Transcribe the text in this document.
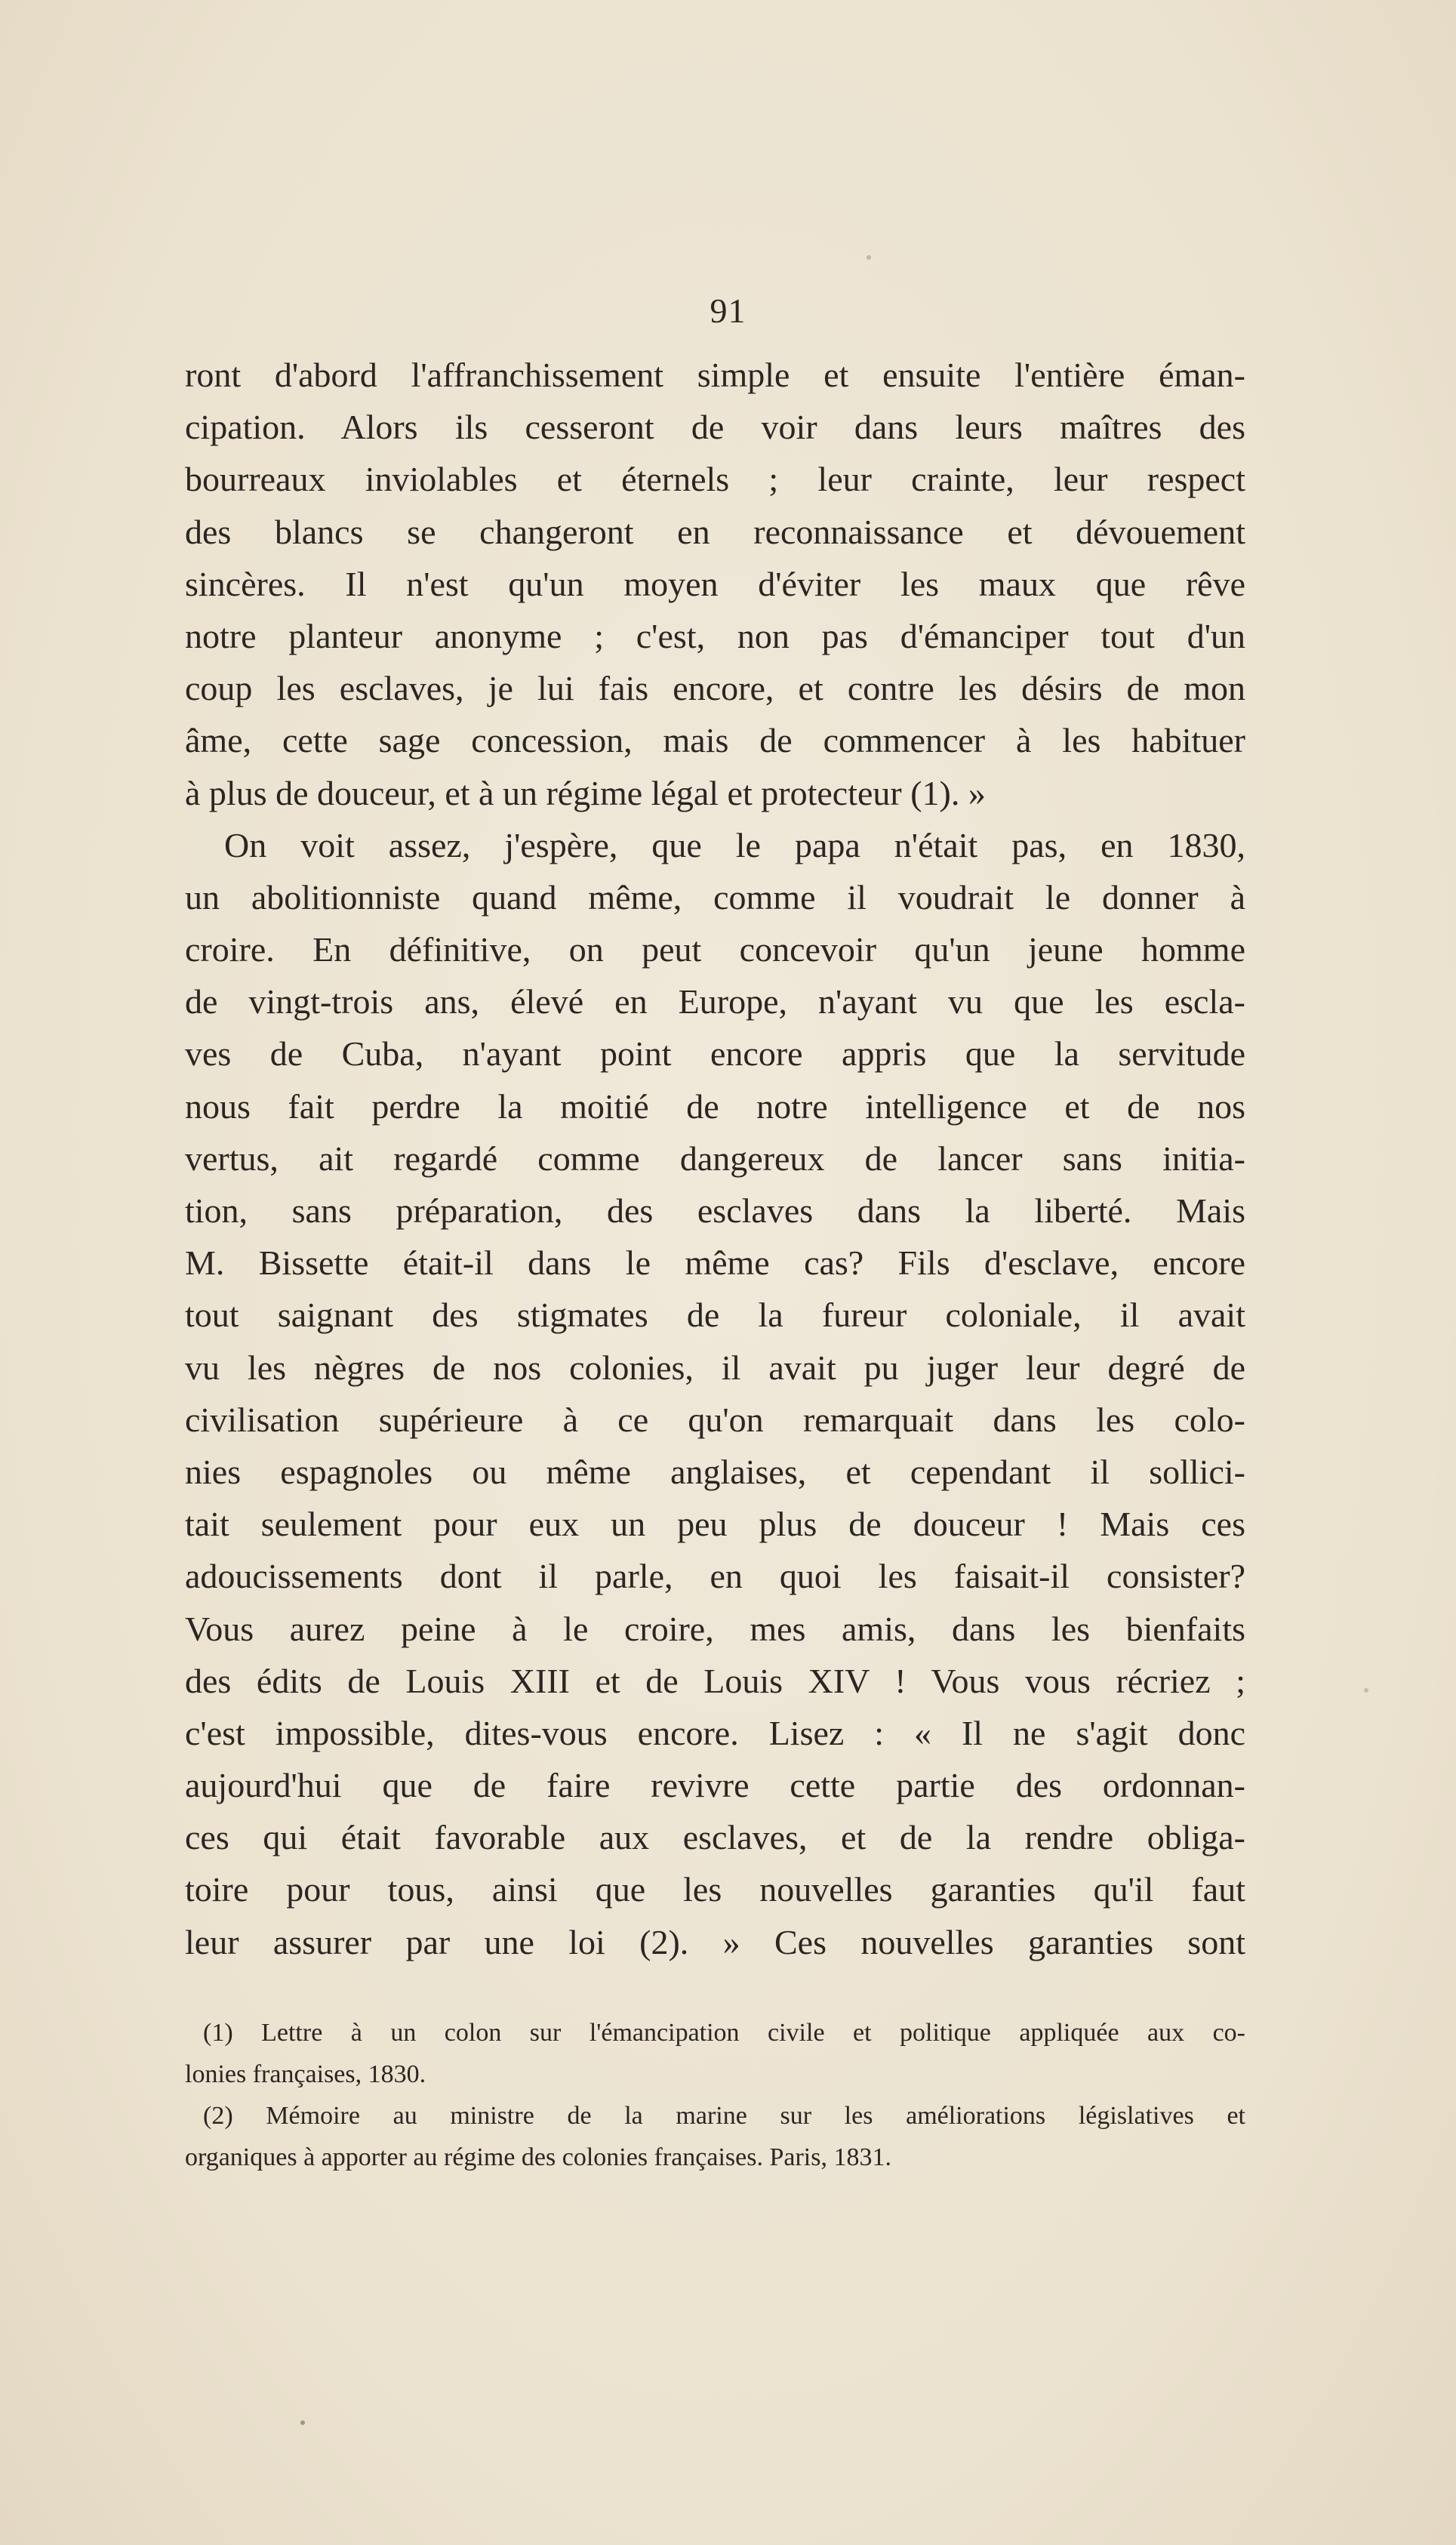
91
ront d'abord l'affranchissement simple et ensuite l'entière éman-
cipation. Alors ils cesseront de voir dans leurs maîtres des
bourreaux inviolables et éternels ; leur crainte, leur respect
des blancs se changeront en reconnaissance et dévouement
sincères. Il n'est qu'un moyen d'éviter les maux que rêve
notre planteur anonyme ; c'est, non pas d'émanciper tout d'un
coup les esclaves, je lui fais encore, et contre les désirs de mon
âme, cette sage concession, mais de commencer à les habituer
à plus de douceur, et à un régime légal et protecteur (1). »
On voit assez, j'espère, que le papa n'était pas, en 1830,
un abolitionniste quand même, comme il voudrait le donner à
croire. En définitive, on peut concevoir qu'un jeune homme
de vingt-trois ans, élevé en Europe, n'ayant vu que les escla-
ves de Cuba, n'ayant point encore appris que la servitude
nous fait perdre la moitié de notre intelligence et de nos
vertus, ait regardé comme dangereux de lancer sans initia-
tion, sans préparation, des esclaves dans la liberté. Mais
M. Bissette était-il dans le même cas? Fils d'esclave, encore
tout saignant des stigmates de la fureur coloniale, il avait
vu les nègres de nos colonies, il avait pu juger leur degré de
civilisation supérieure à ce qu'on remarquait dans les colo-
nies espagnoles ou même anglaises, et cependant il sollici-
tait seulement pour eux un peu plus de douceur ! Mais ces
adoucissements dont il parle, en quoi les faisait-il consister?
Vous aurez peine à le croire, mes amis, dans les bienfaits
des édits de Louis XIII et de Louis XIV ! Vous vous récriez ;
c'est impossible, dites-vous encore. Lisez : « Il ne s'agit donc
aujourd'hui que de faire revivre cette partie des ordonnan-
ces qui était favorable aux esclaves, et de la rendre obliga-
toire pour tous, ainsi que les nouvelles garanties qu'il faut
leur assurer par une loi (2). » Ces nouvelles garanties sont
(1) Lettre à un colon sur l'émancipation civile et politique appliquée aux co-
lonies françaises, 1830.
(2) Mémoire au ministre de la marine sur les améliorations législatives et
organiques à apporter au régime des colonies françaises. Paris, 1831.
